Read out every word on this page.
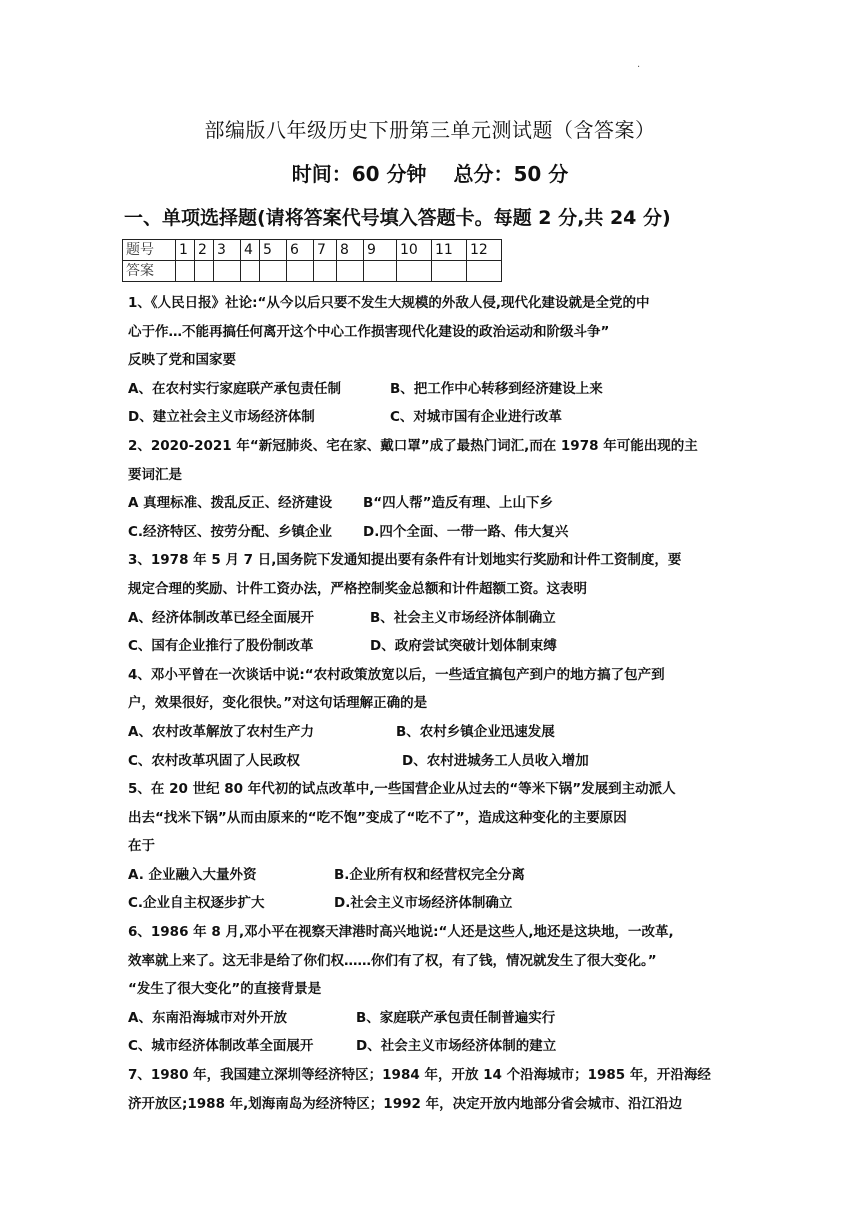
·
部编版八年级历史下册第三单元测试题（含答案）
时间：60 分钟　 总分：50 分
一、单项选择题(请将答案代号填入答题卡。每题 2 分,共 24 分)
题号	1	2	3	4	5	6	7	8	9	10	11	12
答案												
1、《人民日报》社论:“从今以后只要不发生大规模的外敌人侵,现代化建设就是全党的中
心于作…不能再搞任何离开这个中心工作损害现代化建设的政治运动和阶级斗争”
反映了党和国家要
A、在农村实行家庭联产承包责任制	B、把工作中心转移到经济建设上来
D、建立社会主义市场经济体制	C、对城市国有企业进行改革
2、2020-2021 年“新冠肺炎、宅在家、戴口罩”成了最热门词汇,而在 1978 年可能出现的主
要词汇是
A 真理标准、拨乱反正、经济建设	B“四人帮”造反有理、上山下乡
C.经济特区、按劳分配、乡镇企业	D.四个全面、一带一路、伟大复兴
3、1978 年 5 月 7 日,国务院下发通知提出要有条件有计划地实行奖励和计件工资制度，要
规定合理的奖励、计件工资办法，严格控制奖金总额和计件超额工资。这表明
A、经济体制改革已经全面展开	B、社会主义市场经济体制确立
C、国有企业推行了股份制改革	D、政府尝试突破计划体制束缚
4、邓小平曾在一次谈话中说:“农村政策放宽以后，一些适宜搞包产到户的地方搞了包产到
户，效果很好，变化很快。”对这句话理解正确的是
A、农村改革解放了农村生产力	B、农村乡镇企业迅速发展
C、农村改革巩固了人民政权	D、农村进城务工人员收入增加
5、在 20 世纪 80 年代初的试点改革中,一些国营企业从过去的“等米下锅”发展到主动派人
出去“找米下锅”从而由原来的“吃不饱”变成了“吃不了”，造成这种变化的主要原因
在于
A. 企业融入大量外资	B.企业所有权和经营权完全分离
C.企业自主权逐步扩大	D.社会主义市场经济体制确立
6、1986 年 8 月,邓小平在视察天津港时高兴地说:“人还是这些人,地还是这块地，一改革,
效率就上来了。这无非是给了你们权……你们有了权，有了钱，情况就发生了很大变化。”
“发生了很大变化”的直接背景是
A、东南沿海城市对外开放	B、家庭联产承包责任制普遍实行
C、城市经济体制改革全面展开	D、社会主义市场经济体制的建立
7、1980 年，我国建立深圳等经济特区；1984 年，开放 14 个沿海城市；1985 年，开沿海经
济开放区;1988 年,划海南岛为经济特区；1992 年，决定开放内地部分省会城市、沿江沿边
